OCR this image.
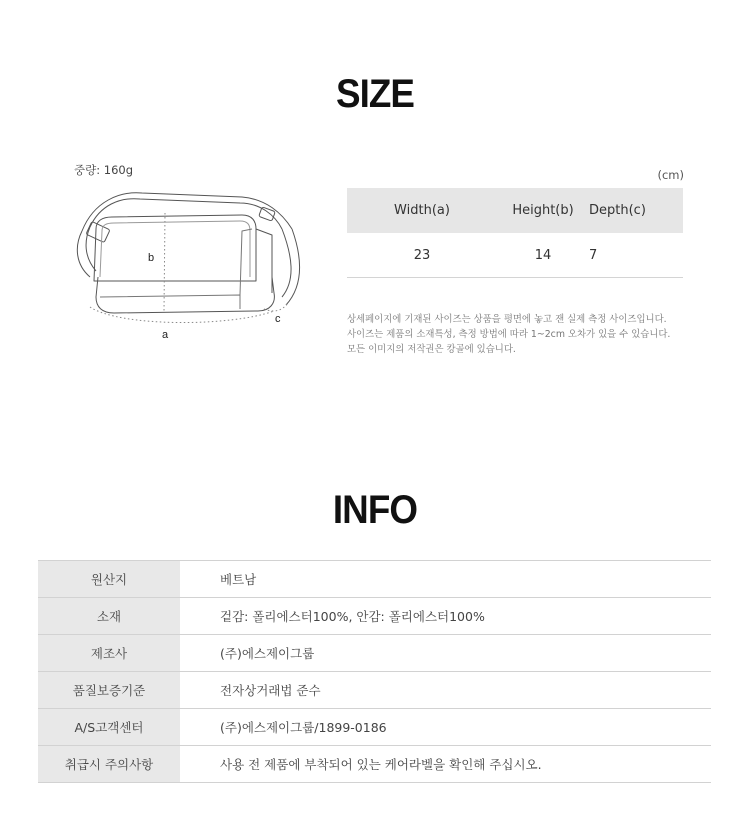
SIZE
중량: 160g
b
a
c
(cm)
Width(a)	Height(b)	Depth(c)
23	14	7
상세페이지에 기재된 사이즈는 상품을 평면에 놓고 잰 실제 측정 사이즈입니다.
사이즈는 제품의 소재특성, 측정 방법에 따라 1~2cm 오차가 있을 수 있습니다.
모든 이미지의 저작권은 캉골에 있습니다.
INFO
원산지	베트남
소재	겉감: 폴리에스터100%, 안감: 폴리에스터100%
제조사	(주)에스제이그룹
품질보증기준	전자상거래법 준수
A/S고객센터	(주)에스제이그룹/1899-0186
취급시 주의사항	사용 전 제품에 부착되어 있는 케어라벨을 확인해 주십시오.
